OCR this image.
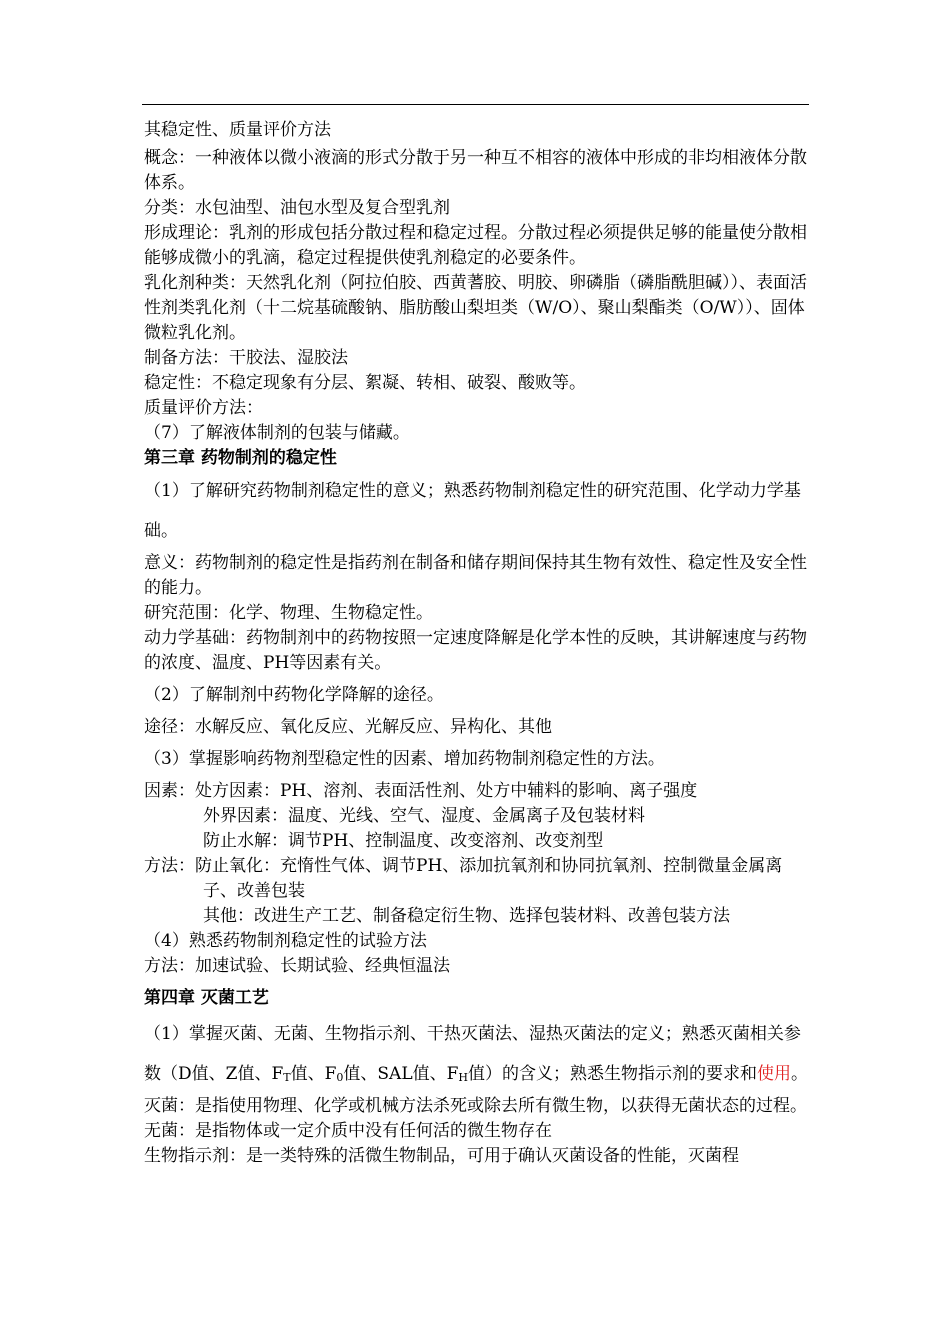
其稳定性、质量评价方法

概念：一种液体以微小液滴的形式分散于另一种互不相容的液体中形成的非均相液体分散体系。

分类：水包油型、油包水型及复合型乳剂

形成理论：乳剂的形成包括分散过程和稳定过程。分散过程必须提供足够的能量使分散相能够成微小的乳滴，稳定过程提供使乳剂稳定的必要条件。

乳化剂种类：天然乳化剂（阿拉伯胶、西黄蓍胶、明胶、卵磷脂（磷脂酰胆碱））、表面活性剂类乳化剂（十二烷基硫酸钠、脂肪酸山梨坦类（W/O）、聚山梨酯类（O/W））、固体微粒乳化剂。

制备方法：干胶法、湿胶法

稳定性：不稳定现象有分层、絮凝、转相、破裂、酸败等。

质量评价方法：

（7）了解液体制剂的包装与储藏。

第三章 药物制剂的稳定性

（1）了解研究药物制剂稳定性的意义；熟悉药物制剂稳定性的研究范围、化学动力学基础。

意义：药物制剂的稳定性是指药剂在制备和储存期间保持其生物有效性、稳定性及安全性的能力。

研究范围：化学、物理、生物稳定性。

动力学基础：药物制剂中的药物按照一定速度降解是化学本性的反映，其讲解速度与药物的浓度、温度、PH等因素有关。

（2）了解制剂中药物化学降解的途径。

途径：水解反应、氧化反应、光解反应、异构化、其他

（3）掌握影响药物剂型稳定性的因素、增加药物制剂稳定性的方法。

因素：处方因素：PH、溶剂、表面活性剂、处方中辅料的影响、离子强度

外界因素：温度、光线、空气、湿度、金属离子及包装材料

防止水解：调节PH、控制温度、改变溶剂、改变剂型

方法：防止氧化：充惰性气体、调节PH、添加抗氧剂和协同抗氧剂、控制微量金属离子、改善包装

其他：改进生产工艺、制备稳定衍生物、选择包装材料、改善包装方法

（4）熟悉药物制剂稳定性的试验方法

方法：加速试验、长期试验、经典恒温法

第四章 灭菌工艺

（1）掌握灭菌、无菌、生物指示剂、干热灭菌法、湿热灭菌法的定义；熟悉灭菌相关参数（D值、Z值、$F_T$值、$F_0$值、SAL值、$F_H$值）的含义；熟悉生物指示剂的要求和使用。

灭菌：是指使用物理、化学或机械方法杀死或除去所有微生物，以获得无菌状态的过程。

无菌：是指物体或一定介质中没有任何活的微生物存在

生物指示剂：是一类特殊的活微生物制品，可用于确认灭菌设备的性能，灭菌程
